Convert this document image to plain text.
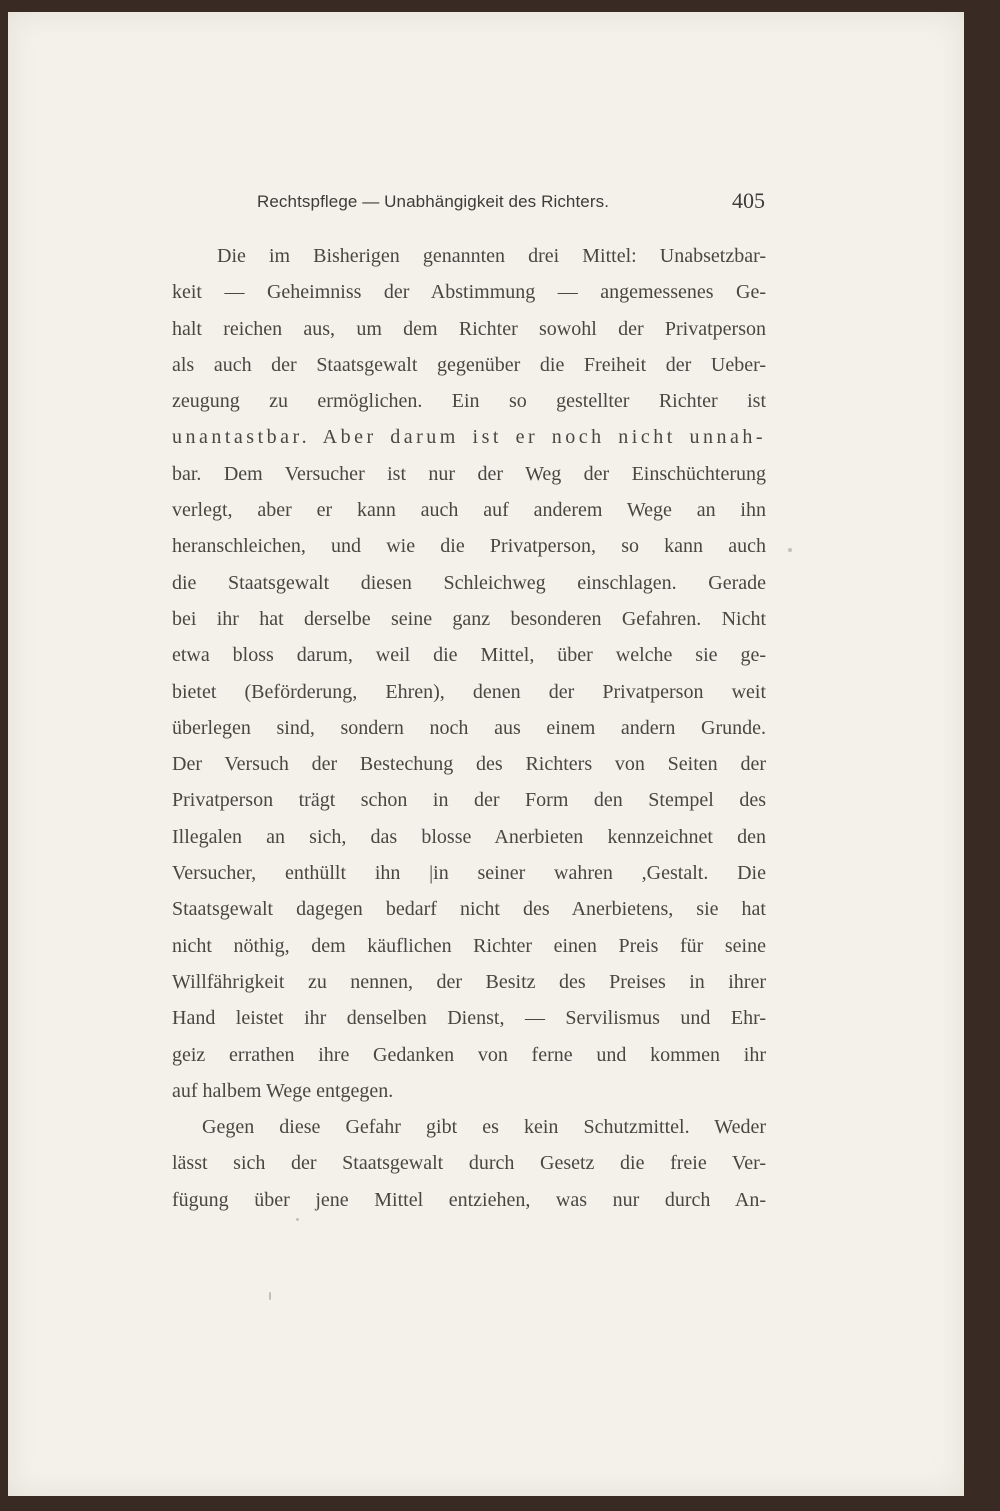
Rechtspflege — Unabhängigkeit des Richters.	405
Die im Bisherigen genannten drei Mittel: Unabsetzbar-
keit — Geheimniss der Abstimmung — angemessenes Ge-
halt reichen aus, um dem Richter sowohl der Privatperson
als auch der Staatsgewalt gegenüber die Freiheit der Ueber-
zeugung zu ermöglichen. Ein so gestellter Richter ist
unantastbar. Aber darum ist er noch nicht unnah-
bar. Dem Versucher ist nur der Weg der Einschüchterung
verlegt, aber er kann auch auf anderem Wege an ihn
heranschleichen, und wie die Privatperson, so kann auch
die Staatsgewalt diesen Schleichweg einschlagen. Gerade
bei ihr hat derselbe seine ganz besonderen Gefahren. Nicht
etwa bloss darum, weil die Mittel, über welche sie ge-
bietet (Beförderung, Ehren), denen der Privatperson weit
überlegen sind, sondern noch aus einem andern Grunde.
Der Versuch der Bestechung des Richters von Seiten der
Privatperson trägt schon in der Form den Stempel des
Illegalen an sich, das blosse Anerbieten kennzeichnet den
Versucher, enthüllt ihn |in seiner wahren ,Gestalt. Die
Staatsgewalt dagegen bedarf nicht des Anerbietens, sie hat
nicht nöthig, dem käuflichen Richter einen Preis für seine
Willfährigkeit zu nennen, der Besitz des Preises in ihrer
Hand leistet ihr denselben Dienst, — Servilismus und Ehr-
geiz errathen ihre Gedanken von ferne und kommen ihr
auf halbem Wege entgegen.
Gegen diese Gefahr gibt es kein Schutzmittel. Weder
lässt sich der Staatsgewalt durch Gesetz die freie Ver-
fügung über jene Mittel entziehen, was nur durch An-
